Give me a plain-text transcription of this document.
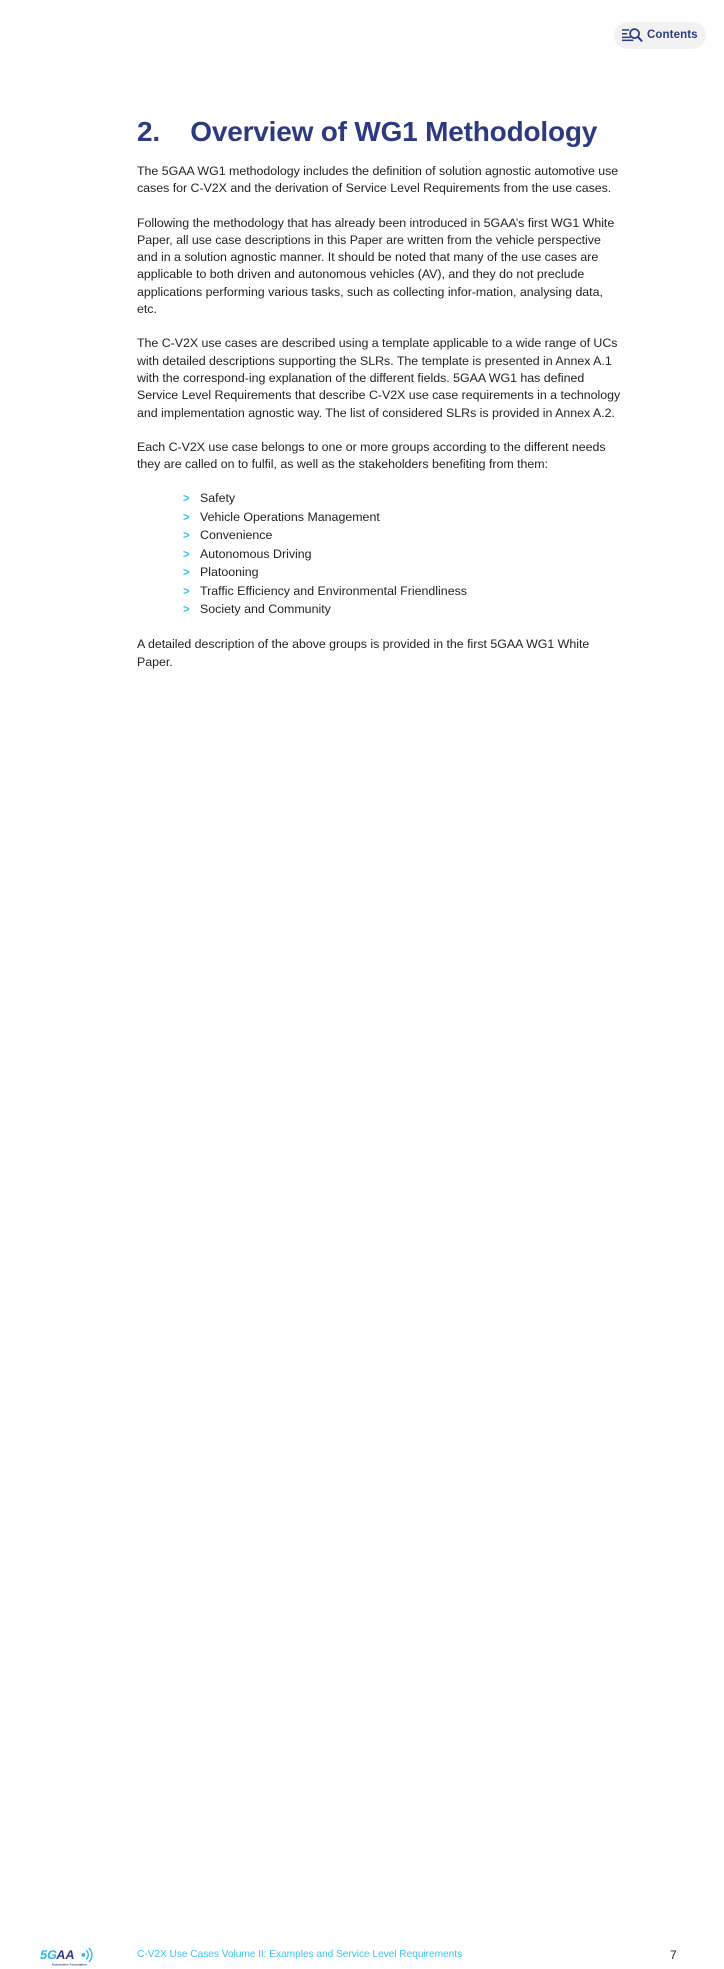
Contents
2.    Overview of WG1 Methodology

The 5GAA WG1 methodology includes the definition of solution agnostic automotive use cases for C-V2X and the derivation of Service Level Requirements from the use cases.

Following the methodology that has already been introduced in 5GAA’s first WG1 White Paper, all use case descriptions in this Paper are written from the vehicle perspective and in a solution agnostic manner. It should be noted that many of the use cases are applicable to both driven and autonomous vehicles (AV), and they do not preclude applications performing various tasks, such as collecting infor-mation, analysing data, etc.

The C-V2X use cases are described using a template applicable to a wide range of UCs with detailed descriptions supporting the SLRs. The template is presented in Annex A.1 with the correspond-ing explanation of the different fields. 5GAA WG1 has defined Service Level Requirements that describe C-V2X use case requirements in a technology and implementation agnostic way. The list of considered SLRs is provided in Annex A.2.

Each C-V2X use case belongs to one or more groups according to the different needs they are called on to fulfil, as well as the stakeholders benefiting from them:

> Safety
> Vehicle Operations Management
> Convenience
> Autonomous Driving
> Platooning
> Traffic Efficiency and Environmental Friendliness
> Society and Community

A detailed description of the above groups is provided in the first 5GAA WG1 White Paper.

5G
AA
Automotive Association
C-V2X Use Cases Volume II: Examples and Service Level Requirements	7
